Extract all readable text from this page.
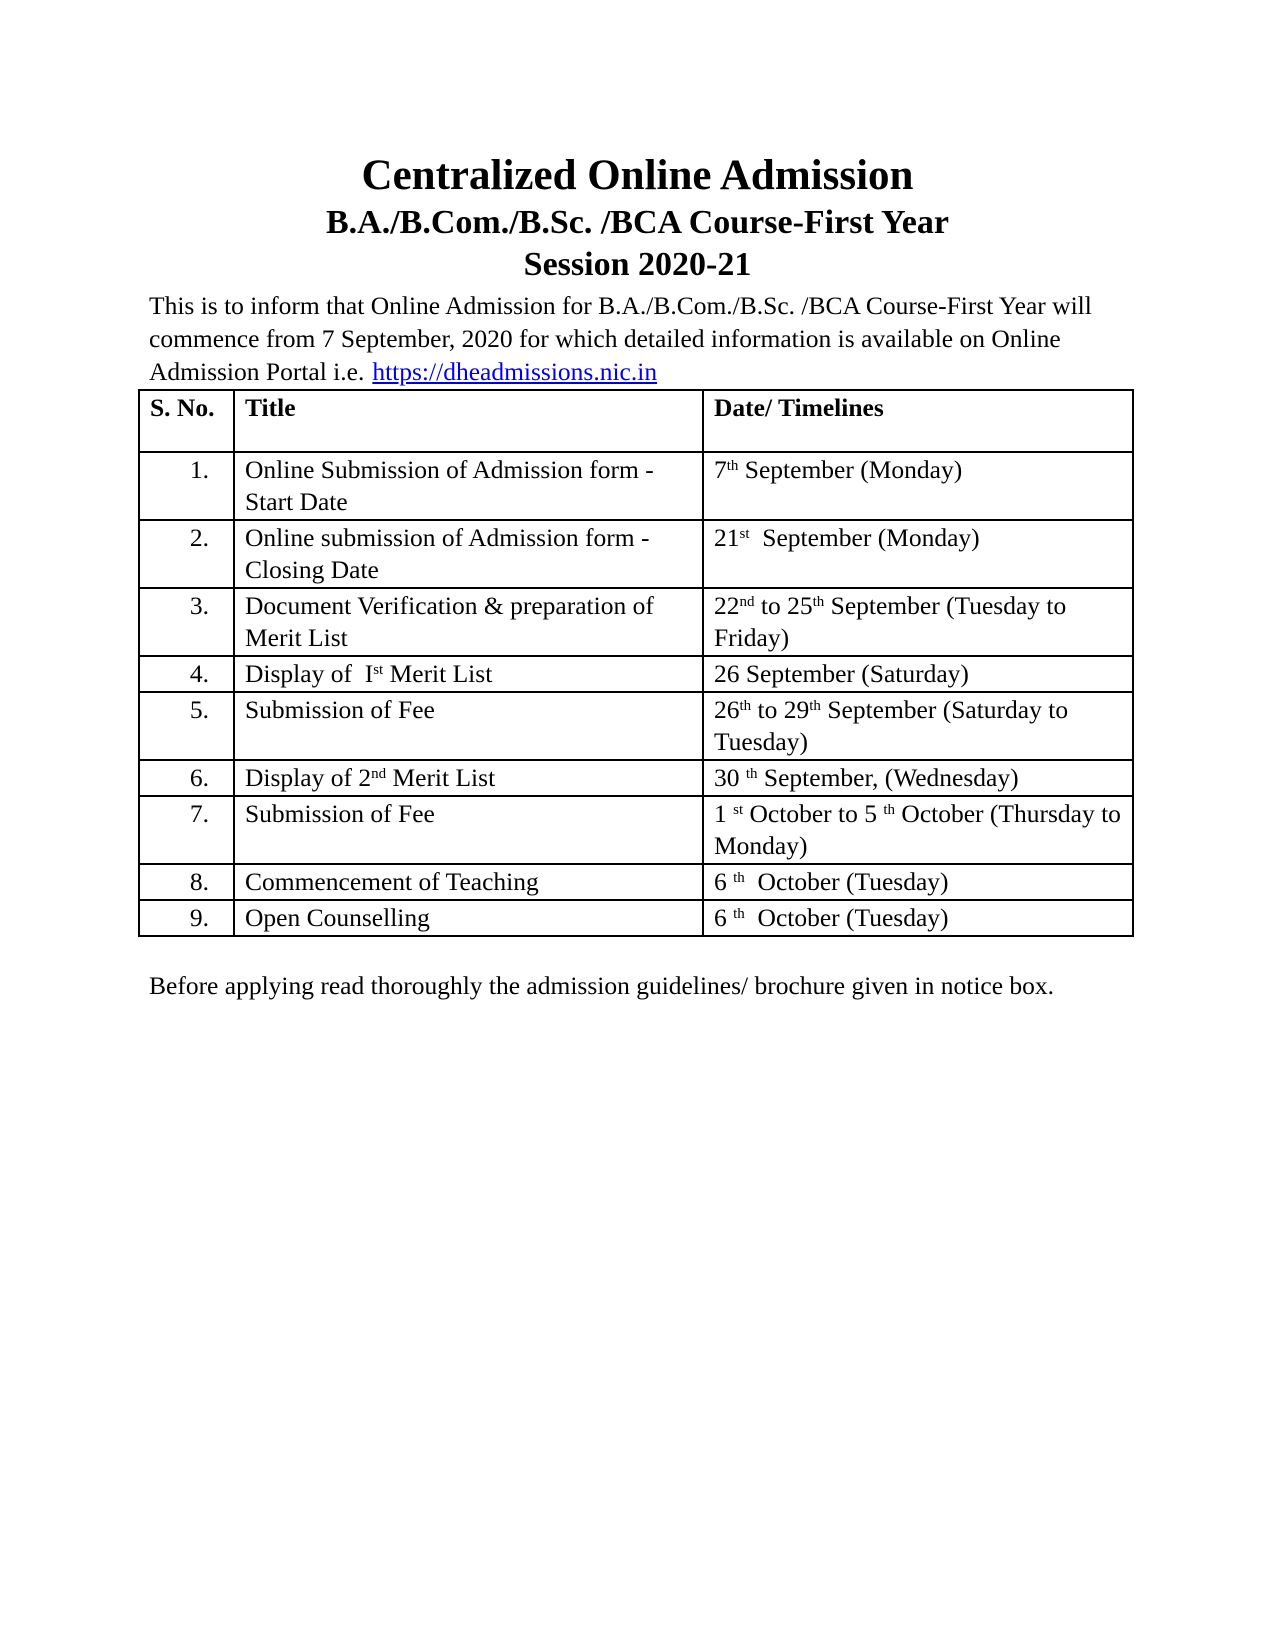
Centralized Online Admission
B.A./B.Com./B.Sc. /BCA Course-First Year
Session 2020-21

This is to inform that Online Admission for B.A./B.Com./B.Sc. /BCA Course-First Year will commence from 7 September, 2020 for which detailed information is available on Online Admission Portal i.e. https://dheadmissions.nic.in

S. No.	Title	Date/ Timelines
1.	Online Submission of Admission form - Start Date	7th September (Monday)
2.	Online submission of Admission form - Closing Date	21st  September (Monday)
3.	Document Verification & preparation of Merit List	22nd to 25th September (Tuesday to Friday)
4.	Display of  Ist Merit List	26 September (Saturday)
5.	Submission of Fee	26th to 29th September (Saturday to Tuesday)
6.	Display of 2nd Merit List	30 $^{th}$ September, (Wednesday)
7.	Submission of Fee	1 $^{st}$ October to 5 $^{th}$ October (Thursday to Monday)
8.	Commencement of Teaching	6 $^{th}$  October (Tuesday)
9.	Open Counselling	6 $^{th}$  October (Tuesday)

Before applying read thoroughly the admission guidelines/ brochure given in notice box.
